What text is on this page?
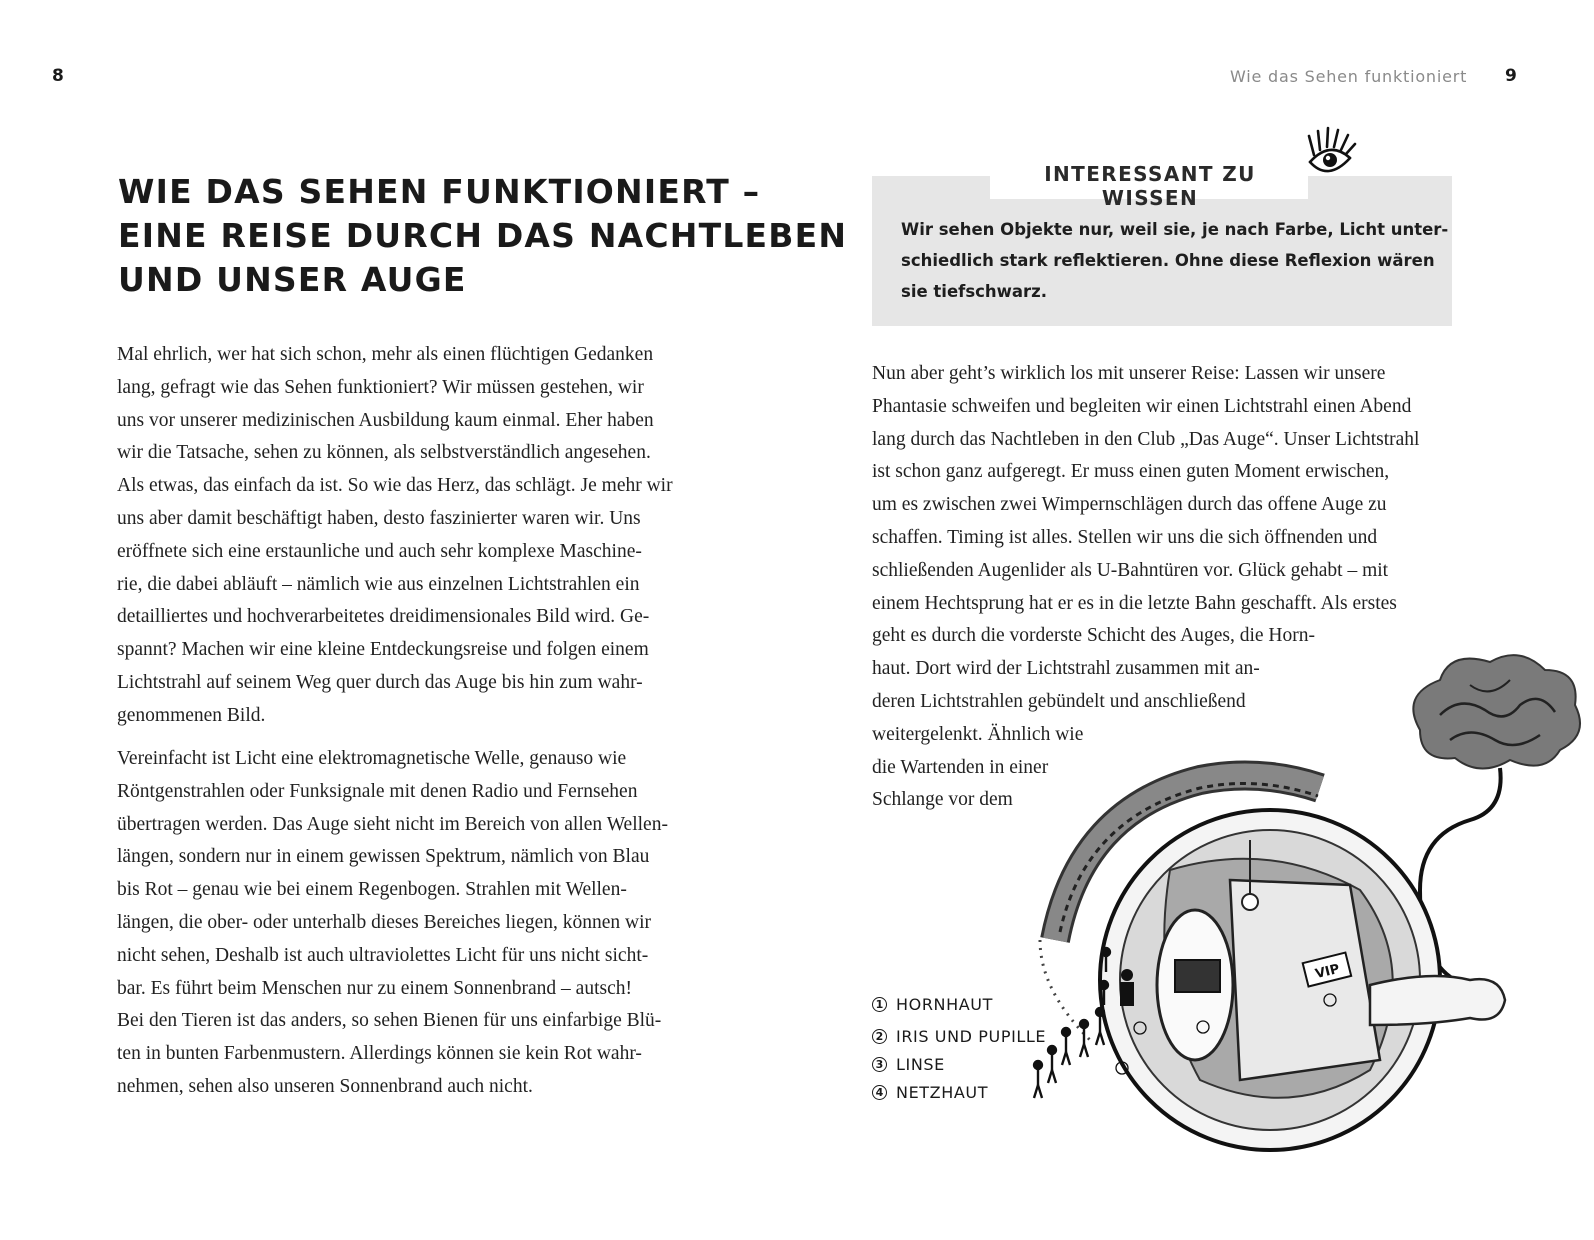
8
WIE DAS SEHEN FUNKTIONIERT –
EINE REISE DURCH DAS NACHTLEBEN
UND UNSER AUGE
Mal ehrlich, wer hat sich schon, mehr als einen flüchtigen Gedanken
lang, gefragt wie das Sehen funktioniert? Wir müssen gestehen, wir
uns vor unserer medizinischen Ausbildung kaum einmal. Eher haben
wir die Tatsache, sehen zu können, als selbstverständlich angesehen.
Als etwas, das einfach da ist. So wie das Herz, das schlägt. Je mehr wir
uns aber damit beschäftigt haben, desto faszinierter waren wir. Uns
eröffnete sich eine erstaunliche und auch sehr komplexe Maschine-
rie, die dabei abläuft – nämlich wie aus einzelnen Lichtstrahlen ein
detailliertes und hochverarbeitetes dreidimensionales Bild wird. Ge-
spannt? Machen wir eine kleine Entdeckungsreise und folgen einem
Lichtstrahl auf seinem Weg quer durch das Auge bis hin zum wahr-
genommenen Bild.
Vereinfacht ist Licht eine elektromagnetische Welle, genauso wie
Röntgenstrahlen oder Funksignale mit denen Radio und Fernsehen
übertragen werden. Das Auge sieht nicht im Bereich von allen Wellen-
längen, sondern nur in einem gewissen Spektrum, nämlich von Blau
bis Rot – genau wie bei einem Regenbogen. Strahlen mit Wellen-
längen, die ober- oder unterhalb dieses Bereiches liegen, können wir
nicht sehen, Deshalb ist auch ultraviolettes Licht für uns nicht sicht-
bar. Es führt beim Menschen nur zu einem Sonnenbrand – autsch!
Bei den Tieren ist das anders, so sehen Bienen für uns einfarbige Blü-
ten in bunten Farbenmustern. Allerdings können sie kein Rot wahr-
nehmen, sehen also unseren Sonnenbrand auch nicht.
Wie das Sehen funktioniert 9
INTERESSANT ZU WISSEN
Wir sehen Objekte nur, weil sie, je nach Farbe, Licht unter-
schiedlich stark reflektieren. Ohne diese Reflexion wären
sie tiefschwarz.
Nun aber geht’s wirklich los mit unserer Reise: Lassen wir unsere
Phantasie schweifen und begleiten wir einen Lichtstrahl einen Abend
lang durch das Nachtleben in den Club „Das Auge“. Unser Lichtstrahl
ist schon ganz aufgeregt. Er muss einen guten Moment erwischen,
um es zwischen zwei Wimpernschlägen durch das offene Auge zu
schaffen. Timing ist alles. Stellen wir uns die sich öffnenden und
schließenden Augenlider als U-Bahntüren vor. Glück gehabt – mit
einem Hechtsprung hat er es in die letzte Bahn geschafft. Als erstes
geht es durch die vorderste Schicht des Auges, die Horn-
haut. Dort wird der Lichtstrahl zusammen mit an-
deren Lichtstrahlen gebündelt und anschließend
weitergelenkt. Ähnlich wie
die Wartenden in einer
Schlange vor dem
VIP
1 HORNHAUT
2 IRIS UND PUPILLE
3 LINSE
4 NETZHAUT
